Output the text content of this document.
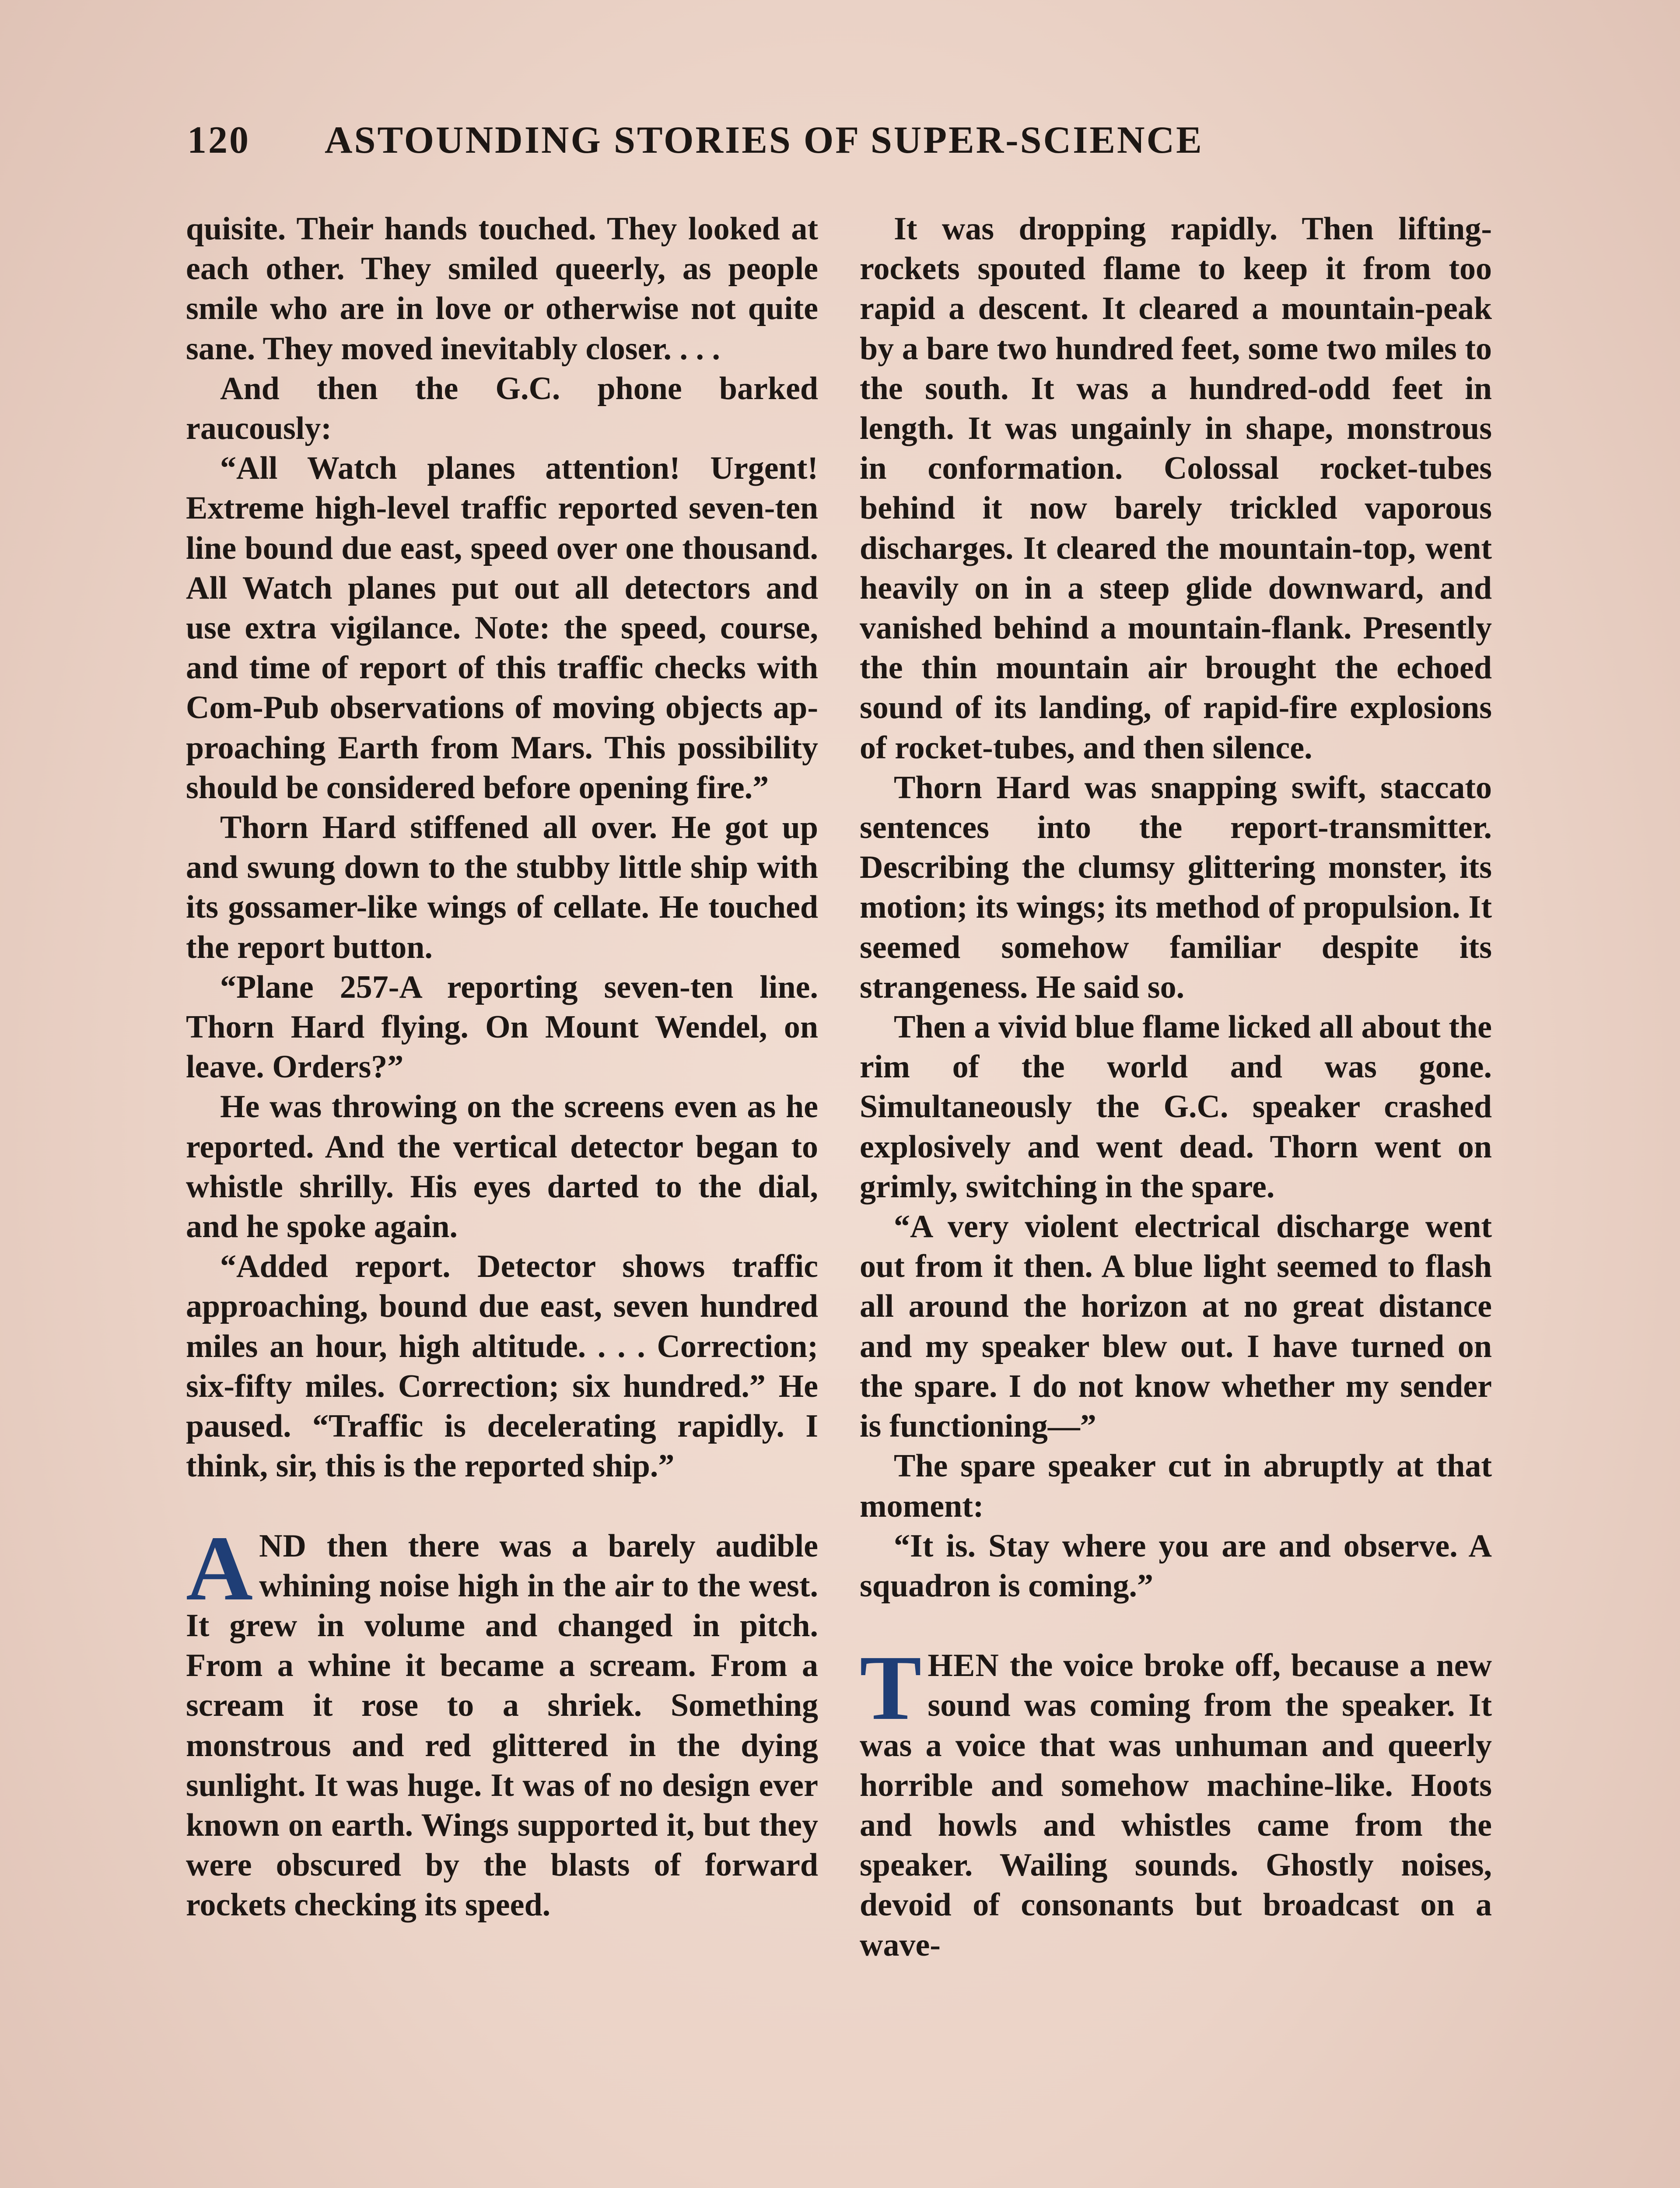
120 ASTOUNDING STORIES OF SUPER-SCIENCE

quisite. Their hands touched. They looked at each other. They smiled queerly, as people smile who are in love or otherwise not quite sane. They moved inevitably closer. . . .

And then the G.C. phone barked raucously:

“All Watch planes attention! Urgent! Extreme high-level traffic reported seven-ten line bound due east, speed over one thousand. All Watch planes put out all detectors and use extra vigilance. Note: the speed, course, and time of report of this traffic checks with Com-Pub observations of moving objects approaching Earth from Mars. This possibility should be considered before opening fire.”

Thorn Hard stiffened all over. He got up and swung down to the stubby little ship with its gossamer-like wings of cellate. He touched the report button.

“Plane 257-A reporting seven-ten line. Thorn Hard flying. On Mount Wendel, on leave. Orders?”

He was throwing on the screens even as he reported. And the vertical detector began to whistle shrilly. His eyes darted to the dial, and he spoke again.

“Added report. Detector shows traffic approaching, bound due east, seven hundred miles an hour, high altitude. . . . Correction; six-fifty miles. Correction; six hundred.” He paused. “Traffic is decelerating rapidly. I think, sir, this is the reported ship.”

AND then there was a barely audible whining noise high in the air to the west. It grew in volume and changed in pitch. From a whine it became a scream. From a scream it rose to a shriek. Something monstrous and red glittered in the dying sunlight. It was huge. It was of no design ever known on earth. Wings supported it, but they were obscured by the blasts of forward rockets checking its speed.

It was dropping rapidly. Then lifting-rockets spouted flame to keep it from too rapid a descent. It cleared a mountain-peak by a bare two hundred feet, some two miles to the south. It was a hundred-odd feet in length. It was ungainly in shape, monstrous in conformation. Colossal rocket-tubes behind it now barely trickled vaporous discharges. It cleared the mountain-top, went heavily on in a steep glide downward, and vanished behind a mountain-flank. Presently the thin mountain air brought the echoed sound of its landing, of rapid-fire explosions of rocket-tubes, and then silence.

Thorn Hard was snapping swift, staccato sentences into the report-transmitter. Describing the clumsy glittering monster, its motion; its wings; its method of propulsion. It seemed somehow familiar despite its strangeness. He said so.

Then a vivid blue flame licked all about the rim of the world and was gone. Simultaneously the G.C. speaker crashed explosively and went dead. Thorn went on grimly, switching in the spare.

“A very violent electrical discharge went out from it then. A blue light seemed to flash all around the horizon at no great distance and my speaker blew out. I have turned on the spare. I do not know whether my sender is functioning—”

The spare speaker cut in abruptly at that moment:

“It is. Stay where you are and observe. A squadron is coming.”

THEN the voice broke off, because a new sound was coming from the speaker. It was a voice that was unhuman and queerly horrible and somehow machine-like. Hoots and howls and whistles came from the speaker. Wailing sounds. Ghostly noises, devoid of consonants but broadcast on a wave-
